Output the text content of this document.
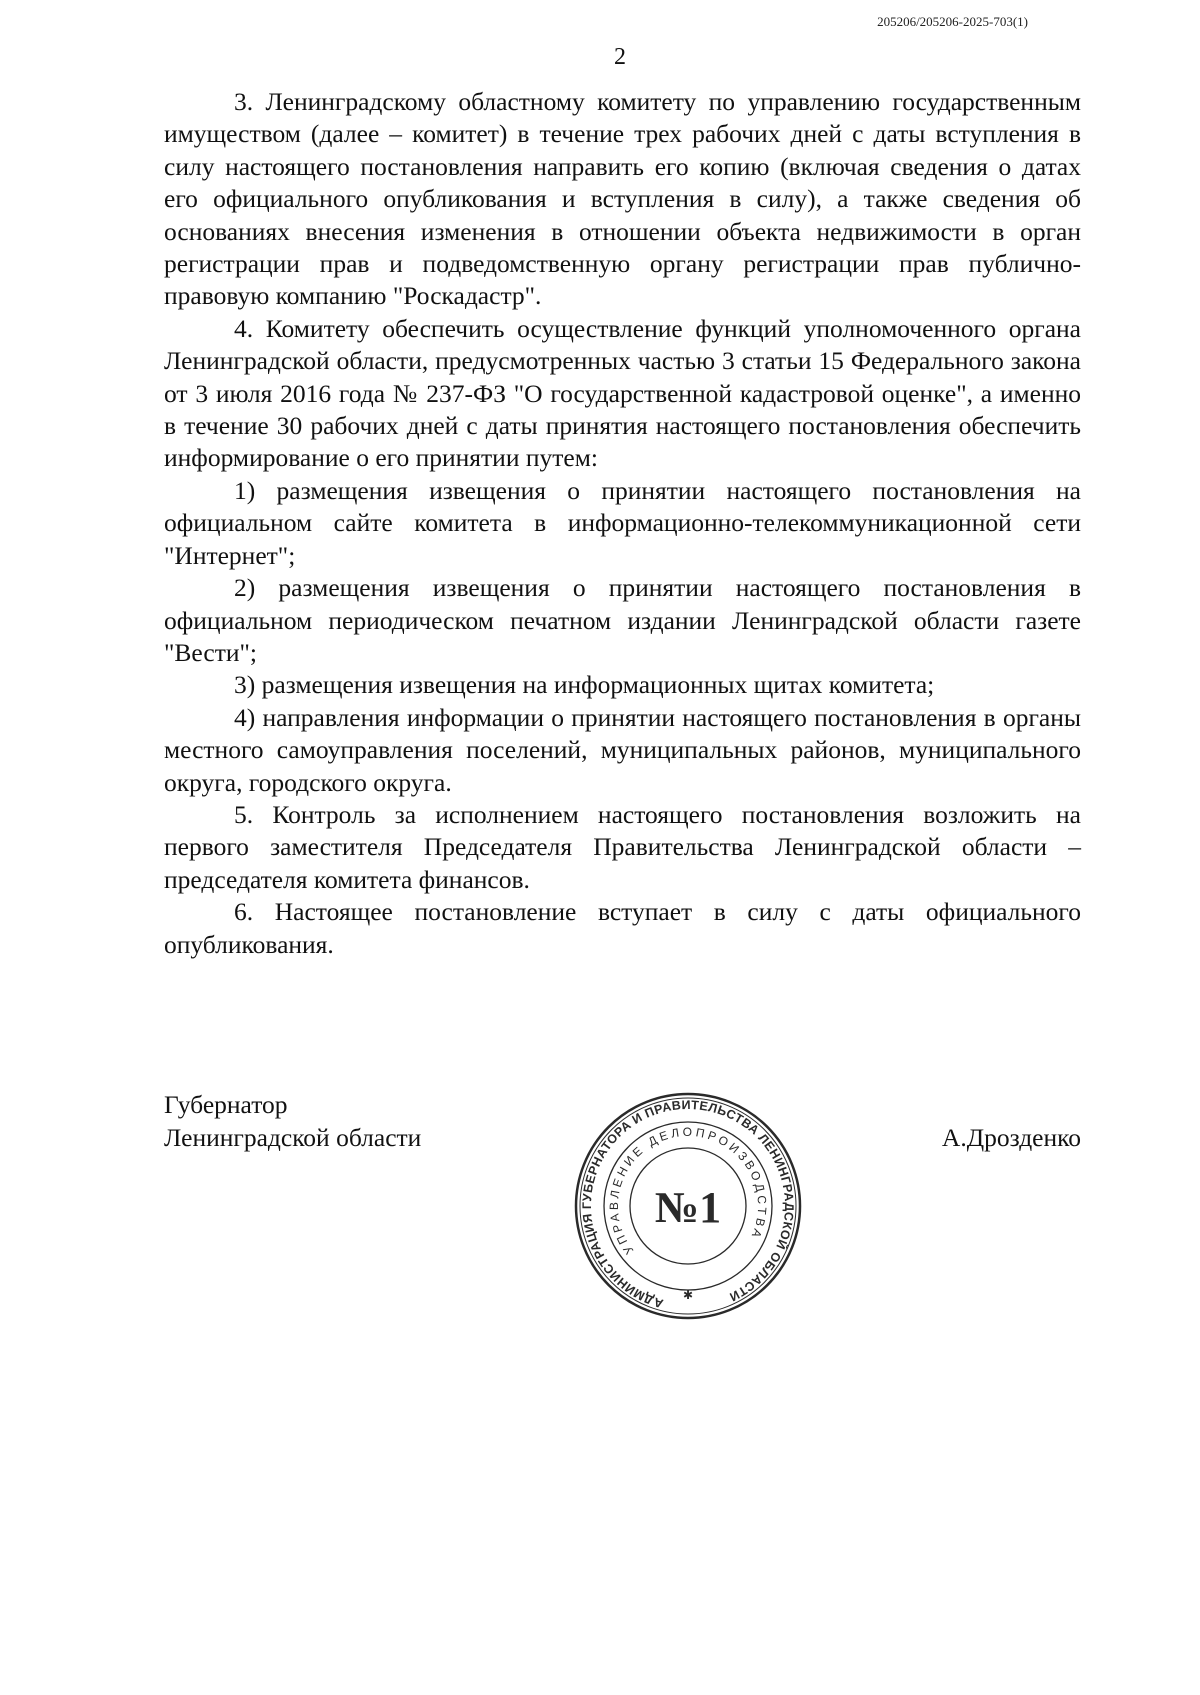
205206/205206-2025-703(1)
2

3. Ленинградскому областному комитету по управлению государственным имуществом (далее – комитет) в течение трех рабочих дней с даты вступления в силу настоящего постановления направить его копию (включая сведения о датах его официального опубликования и вступления в силу), а также сведения об основаниях внесения изменения в отношении объекта недвижимости в орган регистрации прав и подведомственную органу регистрации прав публично-правовую компанию "Роскадастр".

4. Комитету обеспечить осуществление функций уполномоченного органа Ленинградской области, предусмотренных частью 3 статьи 15 Федерального закона от 3 июля 2016 года № 237-ФЗ "О государственной кадастровой оценке", а именно в течение 30 рабочих дней с даты принятия настоящего постановления обеспечить информирование о его принятии путем:

1) размещения извещения о принятии настоящего постановления на официальном сайте комитета в информационно-телекоммуникационной сети "Интернет";

2) размещения извещения о принятии настоящего постановления в официальном периодическом печатном издании Ленинградской области газете "Вести";

3) размещения извещения на информационных щитах комитета;

4) направления информации о принятии настоящего постановления в органы местного самоуправления поселений, муниципальных районов, муниципального округа, городского округа.

5. Контроль за исполнением настоящего постановления возложить на первого заместителя Председателя Правительства Ленинградской области – председателя комитета финансов.

6. Настоящее постановление вступает в силу с даты официального опубликования.

Губернатор
Ленинградской области	А.Дрозденко
АДМИНИСТРАЦИЯ ГУБЕРНАТОРА И ПРАВИТЕЛЬСТВА ЛЕНИНГРАДСКОЙ ОБЛАСТИ
УПРАВЛЕНИЕ ДЕЛОПРОИЗВОДСТВА
№1
✱
